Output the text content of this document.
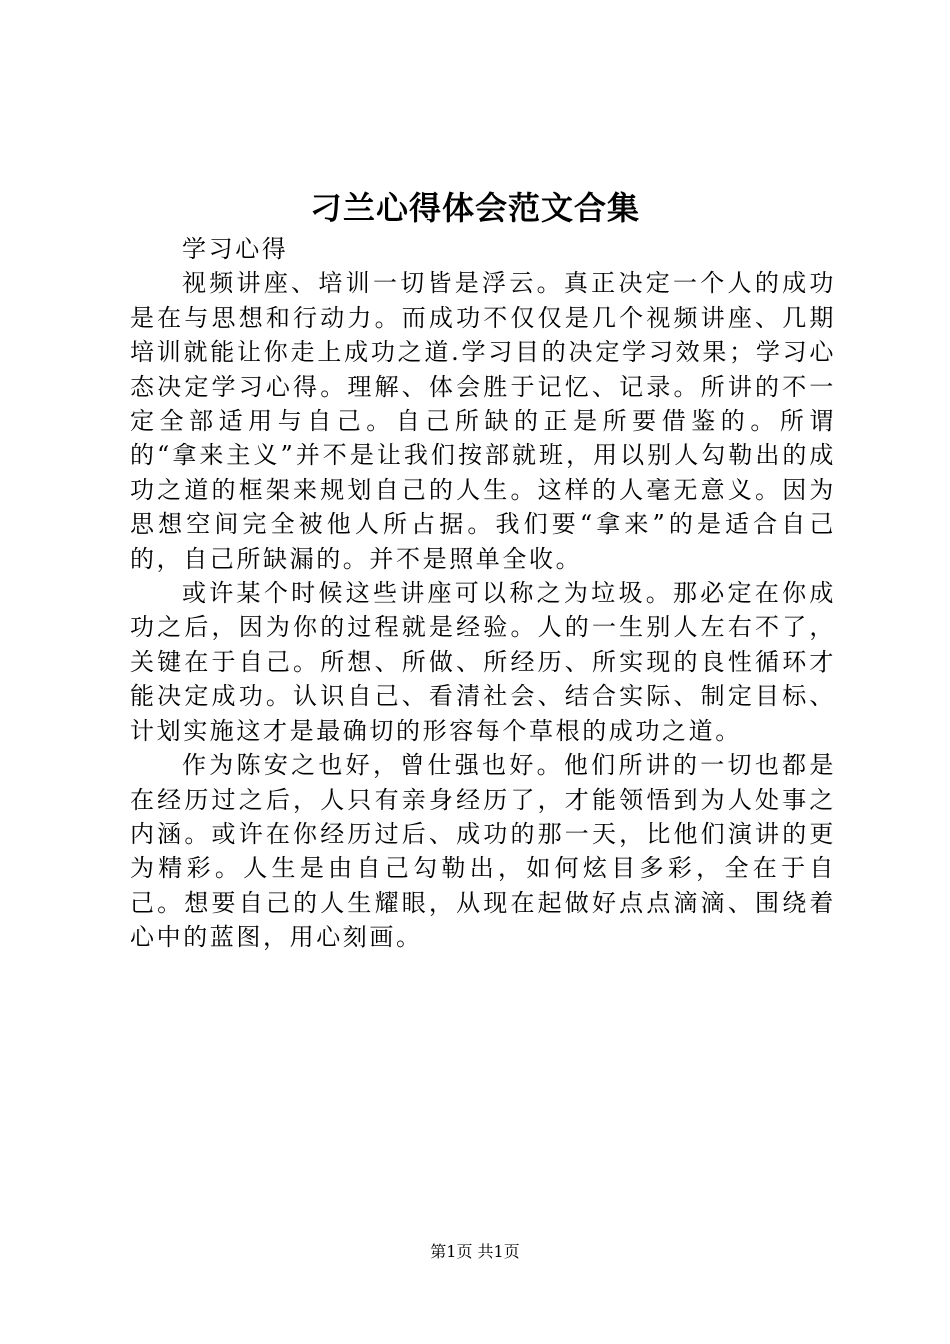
刁兰心得体会范文合集

学习心得

视频讲座、培训一切皆是浮云。真正决定一个人的成功是在与思想和行动力。而成功不仅仅是几个视频讲座、几期培训就能让你走上成功之道.学习目的决定学习效果；学习心态决定学习心得。理解、体会胜于记忆、记录。所讲的不一定全部适用与自己。自己所缺的正是所要借鉴的。所谓的“拿来主义”并不是让我们按部就班，用以别人勾勒出的成功之道的框架来规划自己的人生。这样的人毫无意义。因为思想空间完全被他人所占据。我们要“拿来”的是适合自己的，自己所缺漏的。并不是照单全收。

或许某个时候这些讲座可以称之为垃圾。那必定在你成功之后，因为你的过程就是经验。人的一生别人左右不了，关键在于自己。所想、所做、所经历、所实现的良性循环才能决定成功。认识自己、看清社会、结合实际、制定目标、计划实施这才是最确切的形容每个草根的成功之道。

作为陈安之也好，曾仕强也好。他们所讲的一切也都是在经历过之后，人只有亲身经历了，才能领悟到为人处事之内涵。或许在你经历过后、成功的那一天，比他们演讲的更为精彩。人生是由自己勾勒出，如何炫目多彩，全在于自己。想要自己的人生耀眼，从现在起做好点点滴滴、围绕着心中的蓝图，用心刻画。

第1页 共1页
